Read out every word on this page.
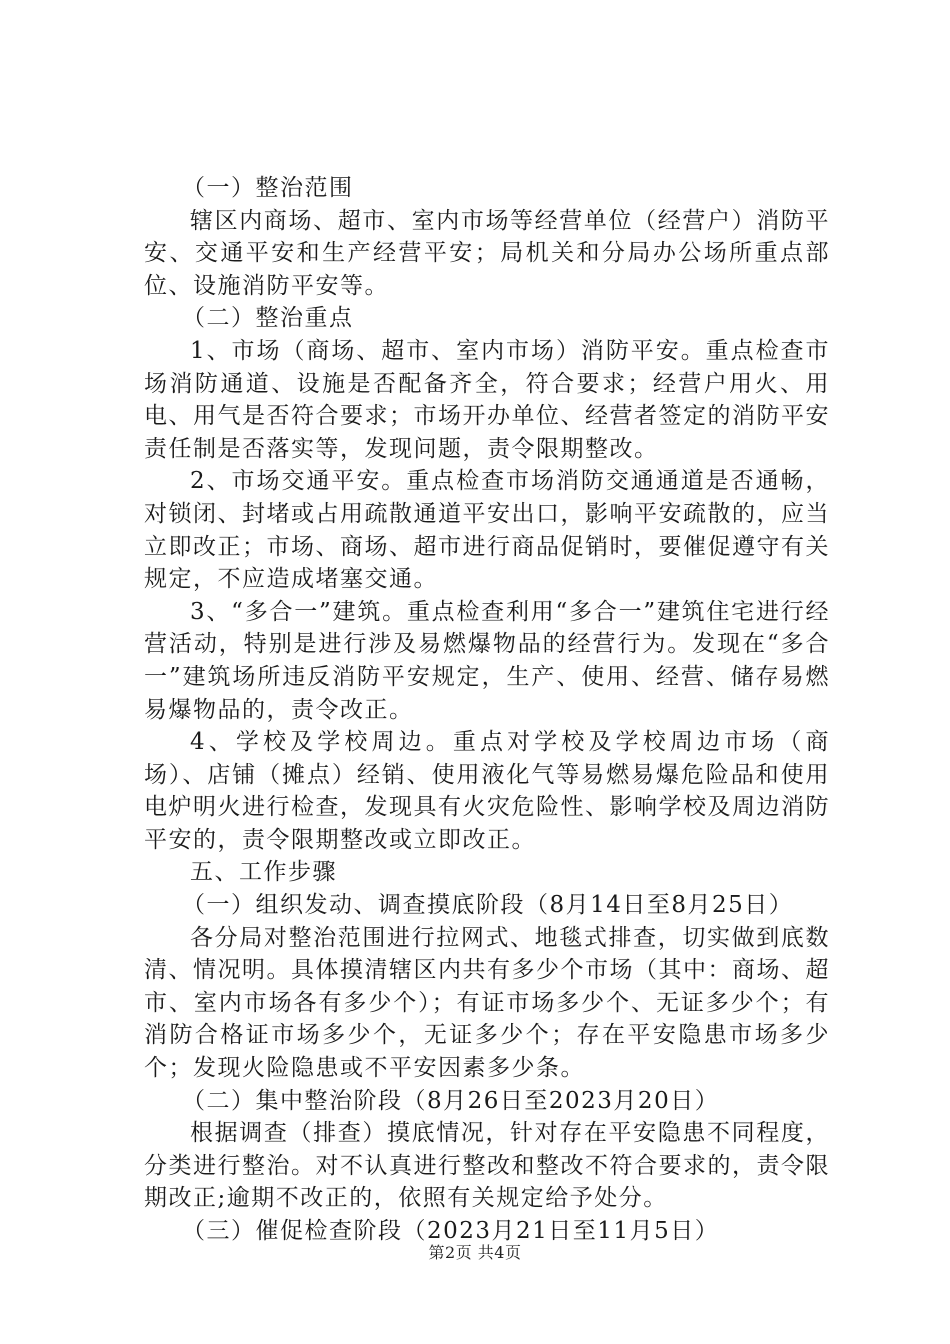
（一）整治范围

辖区内商场、超市、室内市场等经营单位（经营户）消防平安、交通平安和生产经营平安；局机关和分局办公场所重点部位、设施消防平安等。

（二）整治重点

1、市场（商场、超市、室内市场）消防平安。重点检查市场消防通道、设施是否配备齐全，符合要求；经营户用火、用电、用气是否符合要求；市场开办单位、经营者签定的消防平安责任制是否落实等，发现问题，责令限期整改。

2、市场交通平安。重点检查市场消防交通通道是否通畅，对锁闭、封堵或占用疏散通道平安出口，影响平安疏散的，应当立即改正；市场、商场、超市进行商品促销时，要催促遵守有关规定，不应造成堵塞交通。

3、“多合一”建筑。重点检查利用“多合一”建筑住宅进行经营活动，特别是进行涉及易燃爆物品的经营行为。发现在“多合一”建筑场所违反消防平安规定，生产、使用、经营、储存易燃易爆物品的，责令改正。

4、学校及学校周边。重点对学校及学校周边市场（商场）、店铺（摊点）经销、使用液化气等易燃易爆危险品和使用电炉明火进行检查，发现具有火灾危险性、影响学校及周边消防平安的，责令限期整改或立即改正。

五、工作步骤

（一）组织发动、调查摸底阶段（8月14日至8月25日）

各分局对整治范围进行拉网式、地毯式排查，切实做到底数清、情况明。具体摸清辖区内共有多少个市场（其中：商场、超市、室内市场各有多少个）；有证市场多少个、无证多少个；有消防合格证市场多少个，无证多少个；存在平安隐患市场多少个；发现火险隐患或不平安因素多少条。

（二）集中整治阶段（8月26日至2023月20日）

根据调查（排查）摸底情况，针对存在平安隐患不同程度，分类进行整治。对不认真进行整改和整改不符合要求的，责令限期改正;逾期不改正的，依照有关规定给予处分。

（三）催促检查阶段（2023月21日至11月5日）

第2页 共4页
